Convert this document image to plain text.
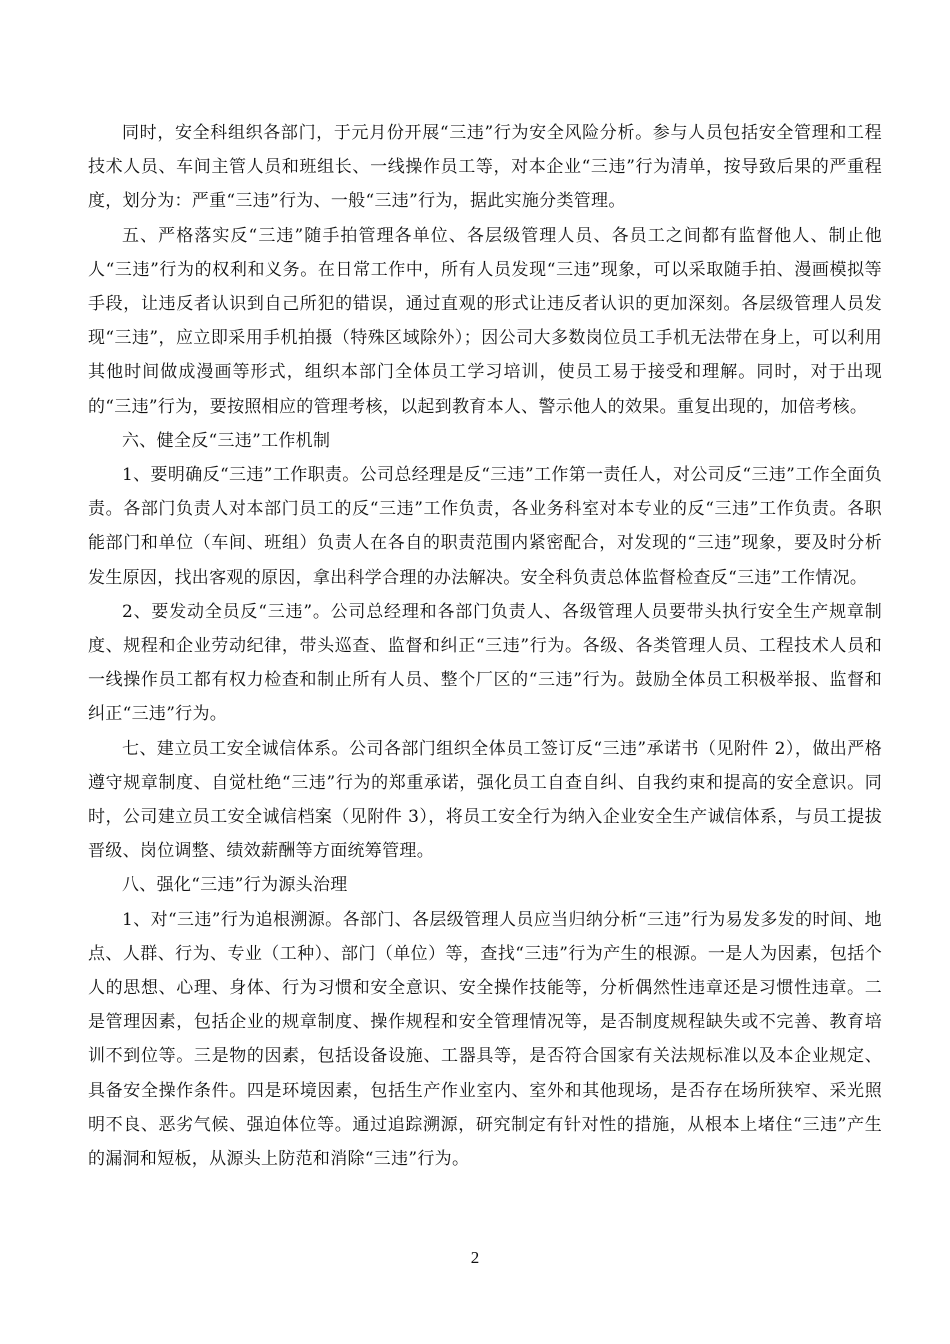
同时，安全科组织各部门，于元月份开展“三违”行为安全风险分析。参与人员包括安全管理和工程技术人员、车间主管人员和班组长、一线操作员工等，对本企业“三违”行为清单，按导致后果的严重程度，划分为：严重“三违”行为、一般“三违”行为，据此实施分类管理。

五、严格落实反“三违”随手拍管理各单位、各层级管理人员、各员工之间都有监督他人、制止他人“三违”行为的权利和义务。在日常工作中，所有人员发现“三违”现象，可以采取随手拍、漫画模拟等手段，让违反者认识到自己所犯的错误，通过直观的形式让违反者认识的更加深刻。各层级管理人员发现“三违”，应立即采用手机拍摄（特殊区域除外）；因公司大多数岗位员工手机无法带在身上，可以利用其他时间做成漫画等形式，组织本部门全体员工学习培训，使员工易于接受和理解。同时，对于出现的“三违”行为，要按照相应的管理考核，以起到教育本人、警示他人的效果。重复出现的，加倍考核。

六、健全反“三违”工作机制

1、要明确反“三违”工作职责。公司总经理是反“三违”工作第一责任人，对公司反“三违”工作全面负责。各部门负责人对本部门员工的反“三违”工作负责，各业务科室对本专业的反“三违”工作负责。各职能部门和单位（车间、班组）负责人在各自的职责范围内紧密配合，对发现的“三违”现象，要及时分析发生原因，找出客观的原因，拿出科学合理的办法解决。安全科负责总体监督检查反“三违”工作情况。

2、要发动全员反“三违”。公司总经理和各部门负责人、各级管理人员要带头执行安全生产规章制度、规程和企业劳动纪律，带头巡查、监督和纠正“三违”行为。各级、各类管理人员、工程技术人员和一线操作员工都有权力检查和制止所有人员、整个厂区的“三违”行为。鼓励全体员工积极举报、监督和纠正“三违”行为。

七、建立员工安全诚信体系。公司各部门组织全体员工签订反“三违”承诺书（见附件 2），做出严格遵守规章制度、自觉杜绝“三违”行为的郑重承诺，强化员工自查自纠、自我约束和提高的安全意识。同时，公司建立员工安全诚信档案（见附件 3），将员工安全行为纳入企业安全生产诚信体系，与员工提拔晋级、岗位调整、绩效薪酬等方面统筹管理。

八、强化“三违”行为源头治理

1、对“三违”行为追根溯源。各部门、各层级管理人员应当归纳分析“三违”行为易发多发的时间、地点、人群、行为、专业（工种）、部门（单位）等，查找“三违”行为产生的根源。一是人为因素，包括个人的思想、心理、身体、行为习惯和安全意识、安全操作技能等，分析偶然性违章还是习惯性违章。二是管理因素，包括企业的规章制度、操作规程和安全管理情况等，是否制度规程缺失或不完善、教育培训不到位等。三是物的因素，包括设备设施、工器具等，是否符合国家有关法规标准以及本企业规定、具备安全操作条件。四是环境因素，包括生产作业室内、室外和其他现场，是否存在场所狭窄、采光照明不良、恶劣气候、强迫体位等。通过追踪溯源，研究制定有针对性的措施，从根本上堵住“三违”产生的漏洞和短板，从源头上防范和消除“三违”行为。

2
